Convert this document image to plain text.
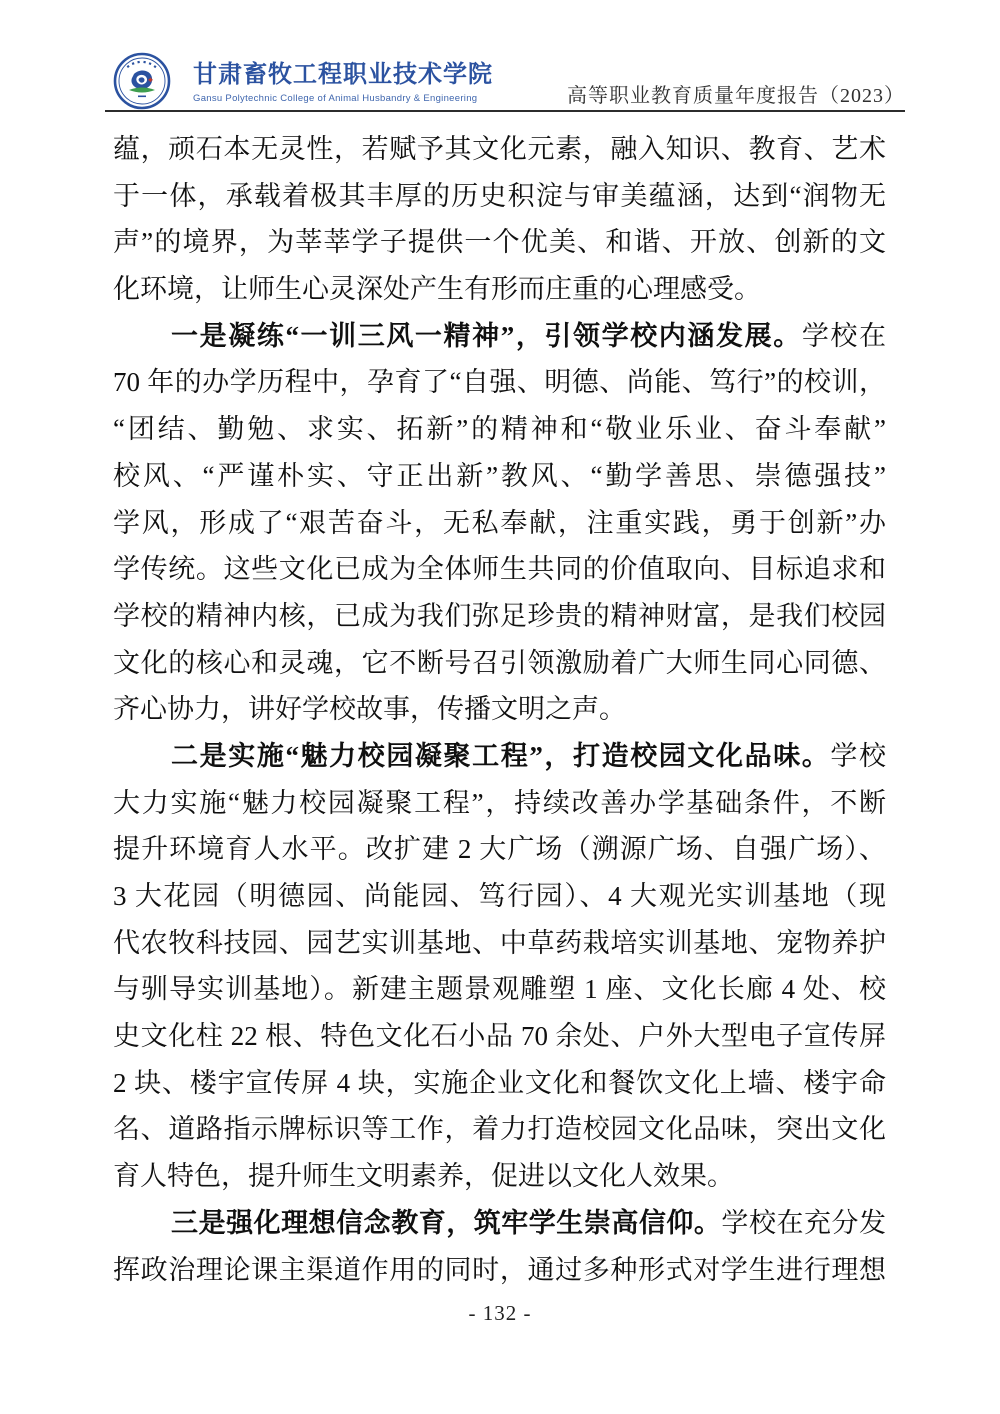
甘肃畜牧工程职业技术学院
Gansu Polytechnic College of Animal Husbandry & Engineering	高等职业教育质量年度报告（2023）
蕴，顽石本无灵性，若赋予其文化元素，融入知识、教育、艺术
于一体，承载着极其丰厚的历史积淀与审美蕴涵，达到“润物无
声”的境界，为莘莘学子提供一个优美、和谐、开放、创新的文
化环境，让师生心灵深处产生有形而庄重的心理感受。
一是凝练“一训三风一精神”，引领学校内涵发展。学校在
70 年的办学历程中，孕育了“自强、明德、尚能、笃行”的校训，
“团结、勤勉、求实、拓新”的精神和“敬业乐业、奋斗奉献”
校风、“严谨朴实、守正出新”教风、“勤学善思、崇德强技”
学风，形成了“艰苦奋斗，无私奉献，注重实践，勇于创新”办
学传统。这些文化已成为全体师生共同的价值取向、目标追求和
学校的精神内核，已成为我们弥足珍贵的精神财富，是我们校园
文化的核心和灵魂，它不断号召引领激励着广大师生同心同德、
齐心协力，讲好学校故事，传播文明之声。
二是实施“魅力校园凝聚工程”，打造校园文化品味。学校
大力实施“魅力校园凝聚工程”，持续改善办学基础条件，不断
提升环境育人水平。改扩建 2 大广场（溯源广场、自强广场）、
3 大花园（明德园、尚能园、笃行园）、4 大观光实训基地（现
代农牧科技园、园艺实训基地、中草药栽培实训基地、宠物养护
与驯导实训基地）。新建主题景观雕塑 1 座、文化长廊 4 处、校
史文化柱 22 根、特色文化石小品 70 余处、户外大型电子宣传屏
2 块、楼宇宣传屏 4 块，实施企业文化和餐饮文化上墙、楼宇命
名、道路指示牌标识等工作，着力打造校园文化品味，突出文化
育人特色，提升师生文明素养，促进以文化人效果。
三是强化理想信念教育，筑牢学生崇高信仰。学校在充分发
挥政治理论课主渠道作用的同时，通过多种形式对学生进行理想
- 132 -
